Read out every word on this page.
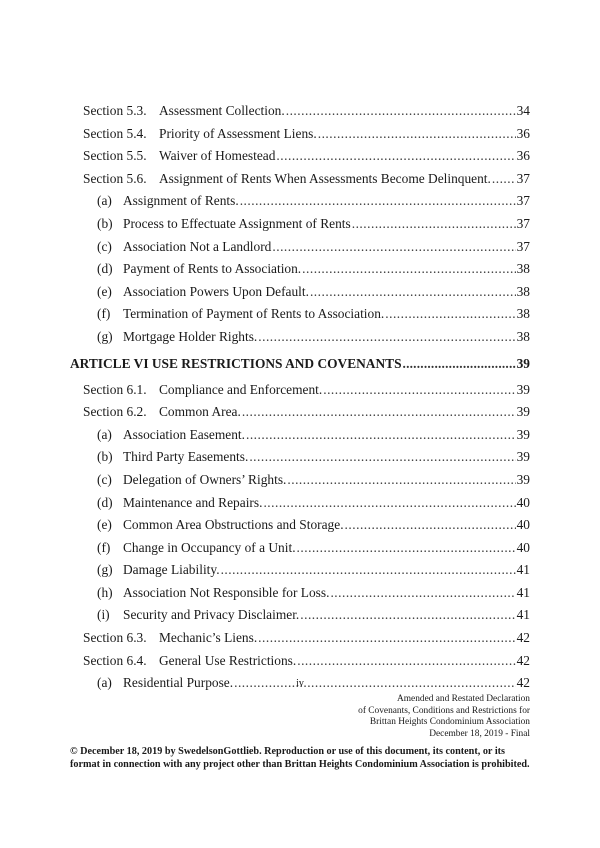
Section 5.3. Assessment Collection. .....	34
Section 5.4. Priority of Assessment Liens. .....	36
Section 5.5. Waiver of Homestead .....	36
Section 5.6. Assignment of Rents When Assessments Become Delinquent. ..... 37
(a) Assignment of Rents. .....	37
(b) Process to Effectuate Assignment of Rents .....	37
(c) Association Not a Landlord .....	37
(d) Payment of Rents to Association. .....	38
(e) Association Powers Upon Default. .....	38
(f) Termination of Payment of Rents to Association. .....	38
(g) Mortgage Holder Rights. .....	38
ARTICLE VI USE RESTRICTIONS AND COVENANTS .....	39
Section 6.1. Compliance and Enforcement. .....	39
Section 6.2. Common Area. .....	39
(a) Association Easement. .....	39
(b) Third Party Easements. .....	39
(c) Delegation of Owners’ Rights. .....	39
(d) Maintenance and Repairs. .....	40
(e) Common Area Obstructions and Storage. .....	40
(f) Change in Occupancy of a Unit. .....	40
(g) Damage Liability. .....	41
(h) Association Not Responsible for Loss. .....	41
(i) Security and Privacy Disclaimer. .....	41
Section 6.3. Mechanic’s Liens. .....	42
Section 6.4. General Use Restrictions. .....	42
(a) Residential Purpose. .....	42
iv
Amended and Restated Declaration
of Covenants, Conditions and Restrictions for
Brittan Heights Condominium Association
December 18, 2019 - Final
© December 18, 2019 by SwedelsonGottlieb. Reproduction or use of this document, its content, or its format in connection with any project other than Brittan Heights Condominium Association is prohibited.
